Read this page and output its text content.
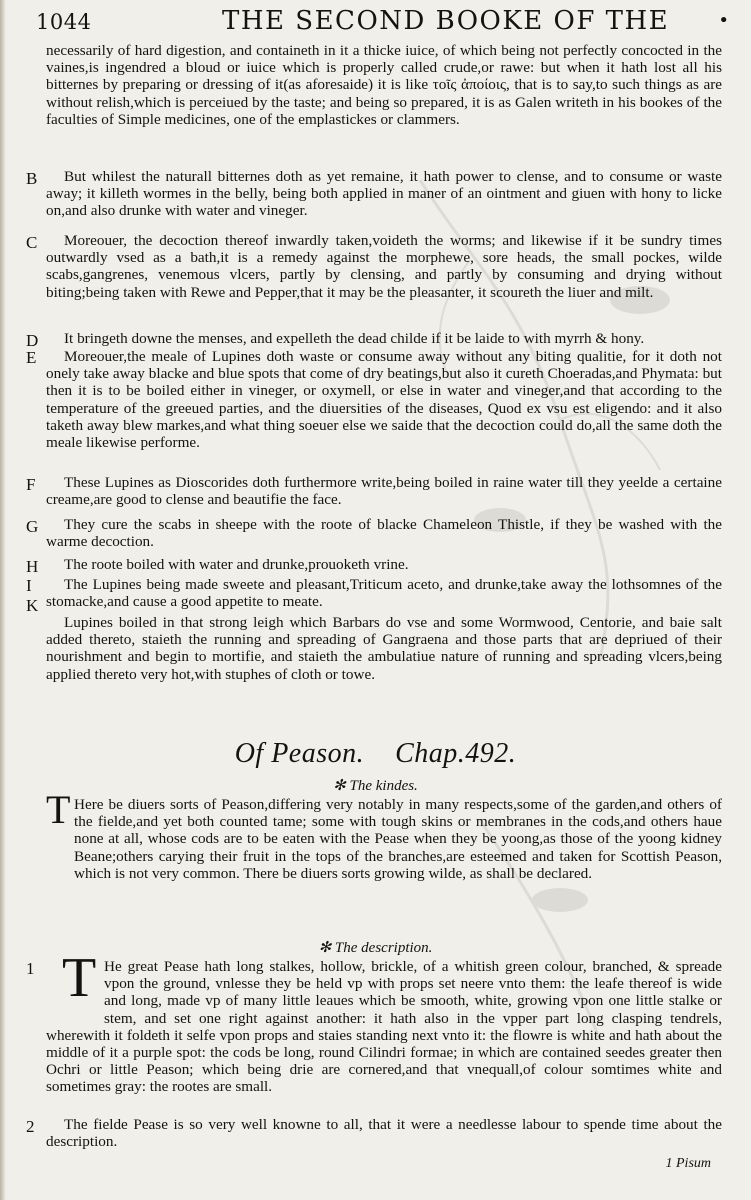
1044	THE SECOND BOOKE OF THE	•
necessarily of hard digestion, and containeth in it a thicke iuice, of which being not perfectly concocted in the vaines,is ingendred a bloud or iuice which is properly called crude,or rawe: but when it hath lost all his bitternes by preparing or dressing of it(as aforesaide) it is like τοῖς ἀποίοις, that is to say,to such things as are without relish,which is perceiued by the taste; and being so prepared, it is as Galen writeth in his bookes of the faculties of Simple medicines, one of the emplastickes or clammers.
B	But whilest the naturall bitternes doth as yet remaine, it hath power to clense, and to consume or waste away; it killeth wormes in the belly, being both applied in maner of an ointment and giuen with hony to licke on,and also drunke with water and vineger.
C	Moreouer, the decoction thereof inwardly taken,voideth the worms; and likewise if it be sundry times outwardly vsed as a bath,it is a remedy against the morphewe, sore heads, the small pockes, wilde scabs,gangrenes, venemous vlcers, partly by clensing, and partly by consuming and drying without biting;being taken with Rewe and Pepper,that it may be the pleasanter, it scoureth the liuer and milt.
D	It bringeth downe the menses, and expelleth the dead childe if it be laide to with myrrh & hony.
E	Moreouer,the meale of Lupines doth waste or consume away without any biting qualitie, for it doth not onely take away blacke and blue spots that come of dry beatings,but also it cureth Choeradas,and Phymata: but then it is to be boiled either in vineger, or oxymell, or else in water and vineger,and that according to the temperature of the greeued parties, and the diuersities of the diseases, Quod ex vsu est eligendo: and it also taketh away blew markes,and what thing soeuer else we saide that the decoction could do,all the same doth the meale likewise performe.
F	These Lupines as Dioscorides doth furthermore write,being boiled in raine water till they yeelde a certaine creame,are good to clense and beautifie the face.
G	They cure the scabs in sheepe with the roote of blacke Chameleon Thistle, if they be washed with the warme decoction.
H	The roote boiled with water and drunke,prouoketh vrine.
I	The Lupines being made sweete and pleasant,Triticum aceto, and drunke,take away the lothsomnes of the stomacke,and cause a good appetite to meate.
K
Lupines boiled in that strong leigh which Barbars do vse and some Wormwood, Centorie, and baie salt added thereto, staieth the running and spreading of Gangraena and those parts that are depriued of their nourishment and begin to mortifie, and staieth the ambulatiue nature of running and spreading vlcers,being applied thereto very hot,with stuphes of cloth or towe.
Of Peason. Chap.492.
✻ The kindes.
T Here be diuers sorts of Peason,differing very notably in many respects,some of the garden,and others of the fielde,and yet both counted tame; some with tough skins or membranes in the cods,and others haue none at all, whose cods are to be eaten with the Pease when they be yoong,as those of the yoong kidney Beane;others carying their fruit in the tops of the branches,are esteemed and taken for Scottish Peason, which is not very common. There be diuers sorts growing wilde, as shall be declared.
✻ The description.
1 T He great Pease hath long stalkes, hollow, brickle, of a whitish green colour, branched, & spreade vpon the ground, vnlesse they be held vp with props set neere vnto them: the leafe thereof is wide and long, made vp of many little leaues which be smooth, white, growing vpon one little stalke or stem, and set one right against another: it hath also in the vpper part long clasping tendrels, wherewith it foldeth it selfe vpon props and staies standing next vnto it: the flowre is white and hath about the middle of it a purple spot: the cods be long, round Cilindri formae; in which are contained seedes greater then Ochri or little Peason; which being drie are cornered,and that vnequall,of colour somtimes white and sometimes gray: the rootes are small.
2	The fielde Pease is so very well knowne to all, that it were a needlesse labour to spende time about the description.
1 Pisum
